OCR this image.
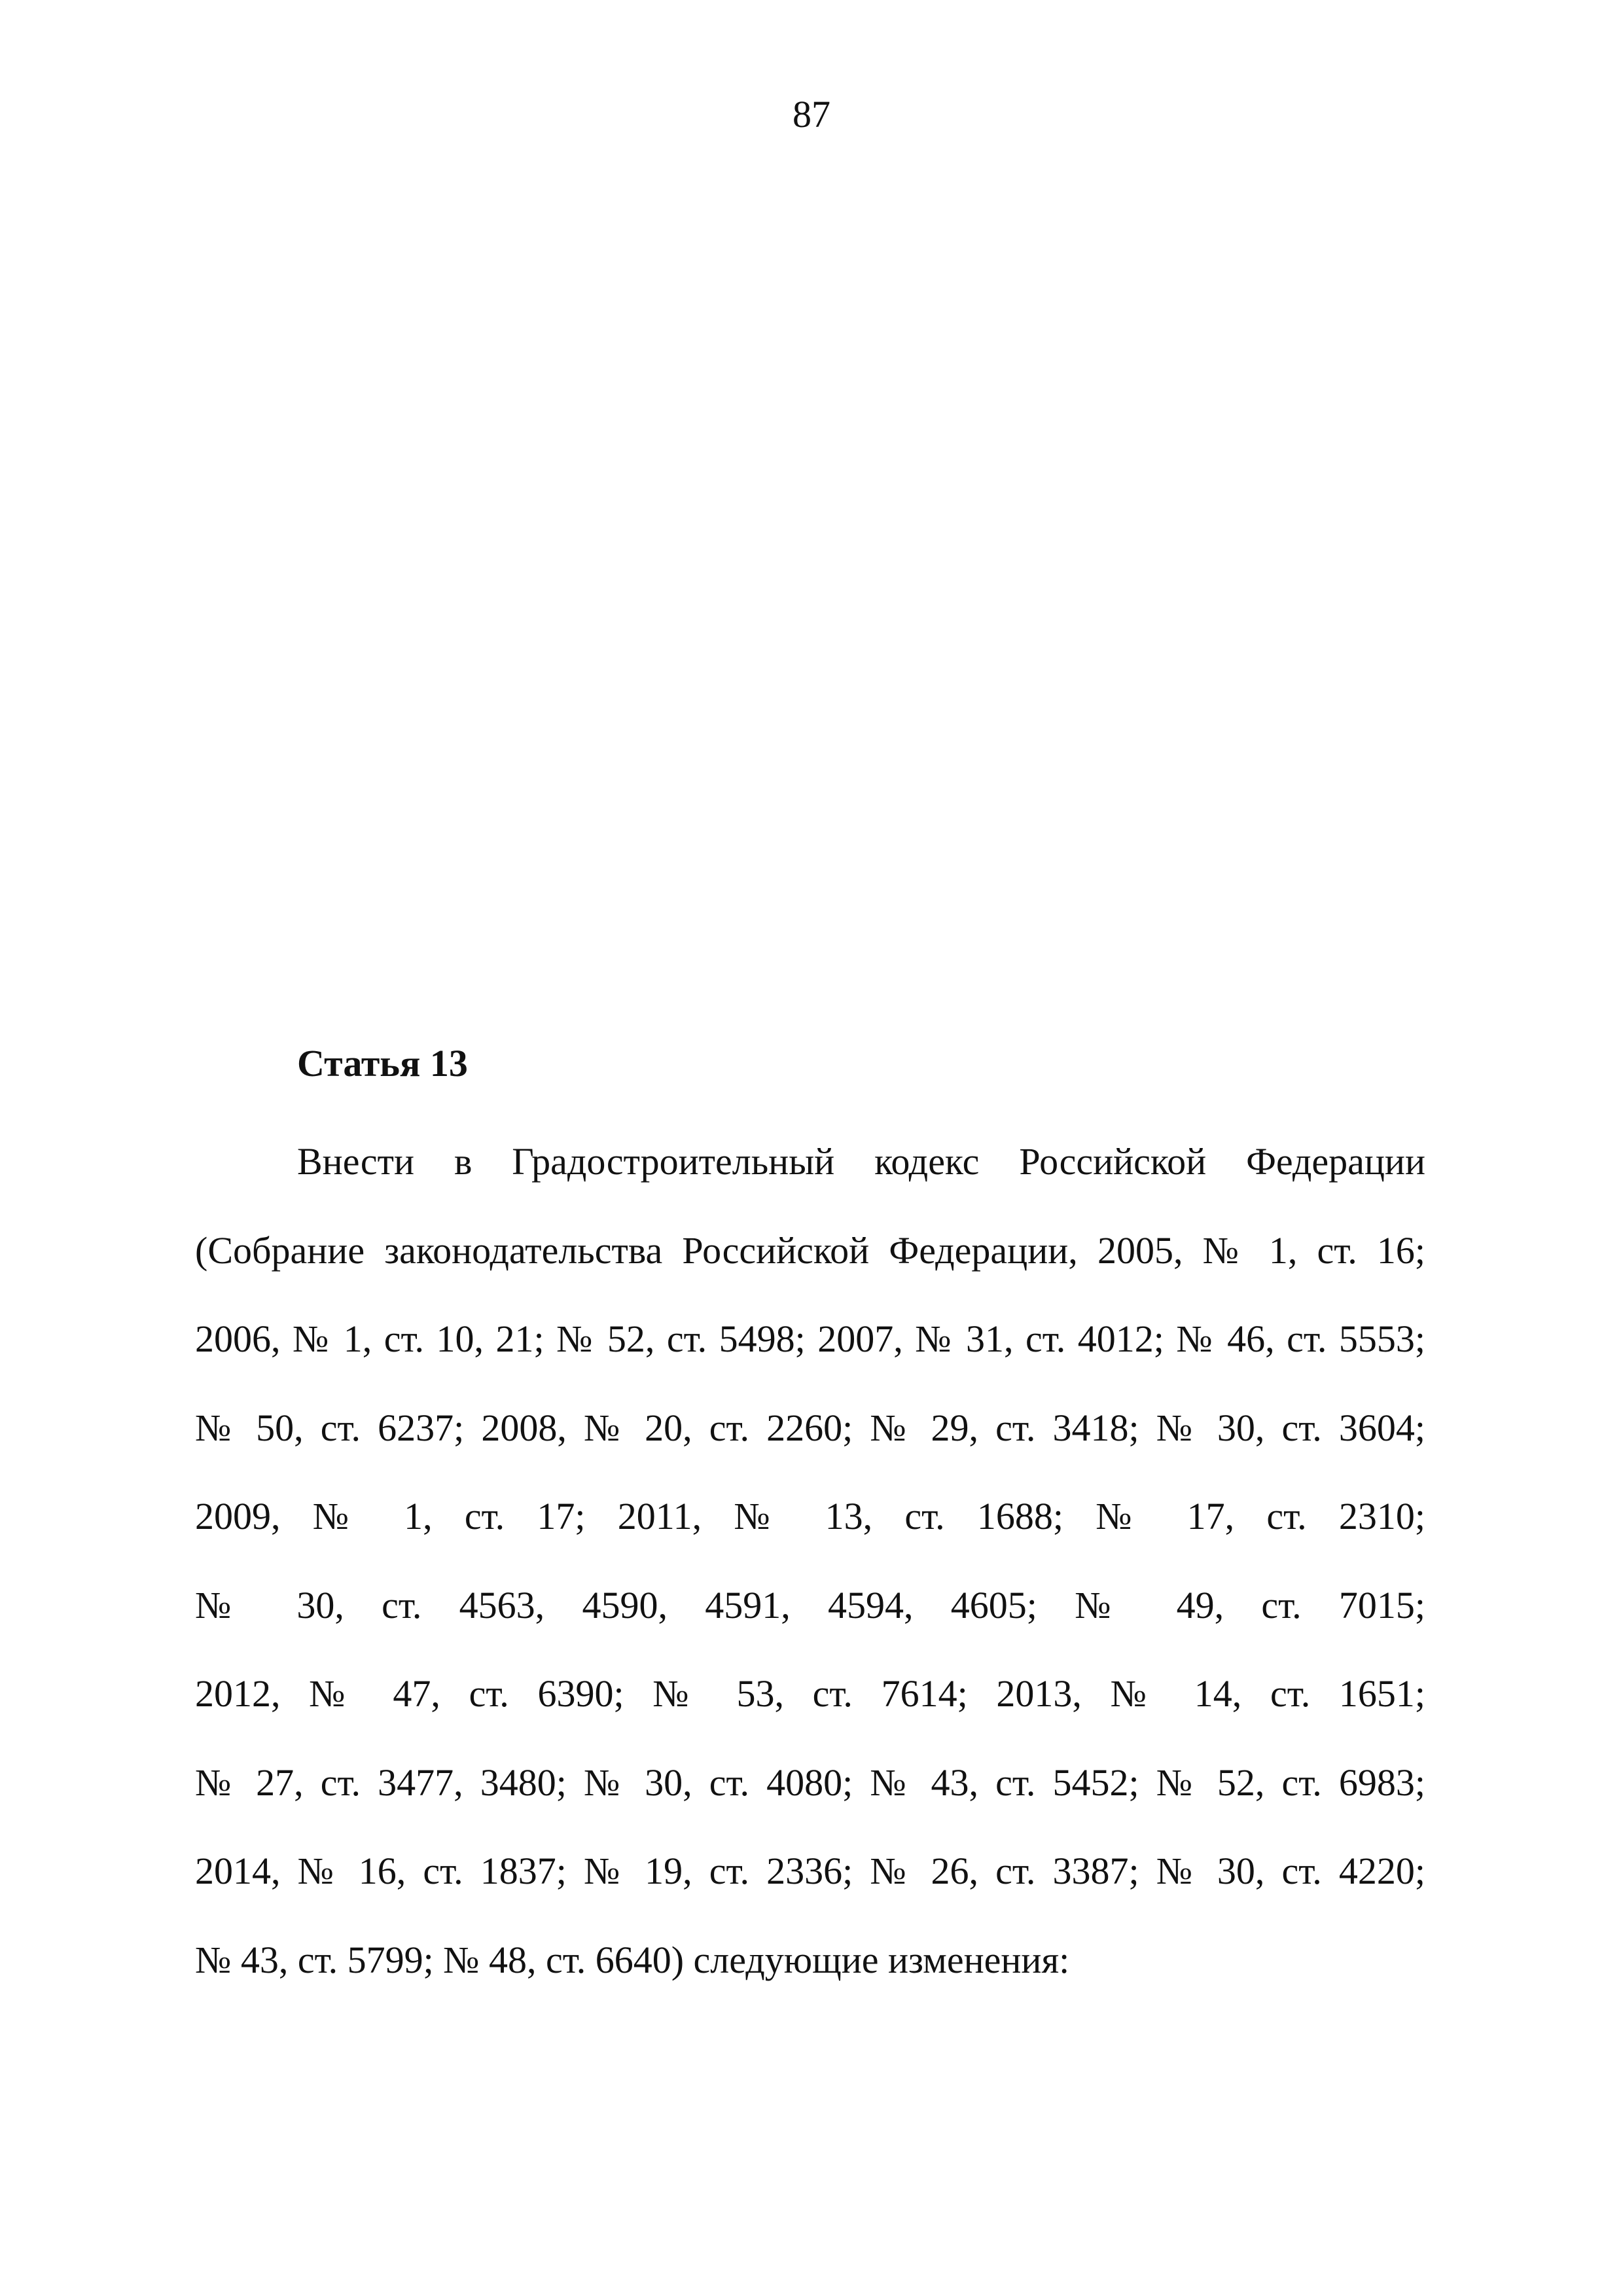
87
Статья 13
Внести в Градостроительный кодекс Российской Федерации
(Собрание законодательства Российской Федерации, 2005, № 1, ст. 16;
2006, № 1, ст. 10, 21; № 52, ст. 5498; 2007, № 31, ст. 4012; № 46, ст. 5553;
№ 50, ст. 6237; 2008, № 20, ст. 2260; № 29, ст. 3418; № 30, ст. 3604;
2009, № 1, ст. 17; 2011, № 13, ст. 1688; № 17, ст. 2310;
№ 30, ст. 4563, 4590, 4591, 4594, 4605; № 49, ст. 7015;
2012, № 47, ст. 6390; № 53, ст. 7614; 2013, № 14, ст. 1651;
№ 27, ст. 3477, 3480; № 30, ст. 4080; № 43, ст. 5452; № 52, ст. 6983;
2014, № 16, ст. 1837; № 19, ст. 2336; № 26, ст. 3387; № 30, ст. 4220;
№ 43, ст. 5799; № 48, ст. 6640) следующие изменения:
